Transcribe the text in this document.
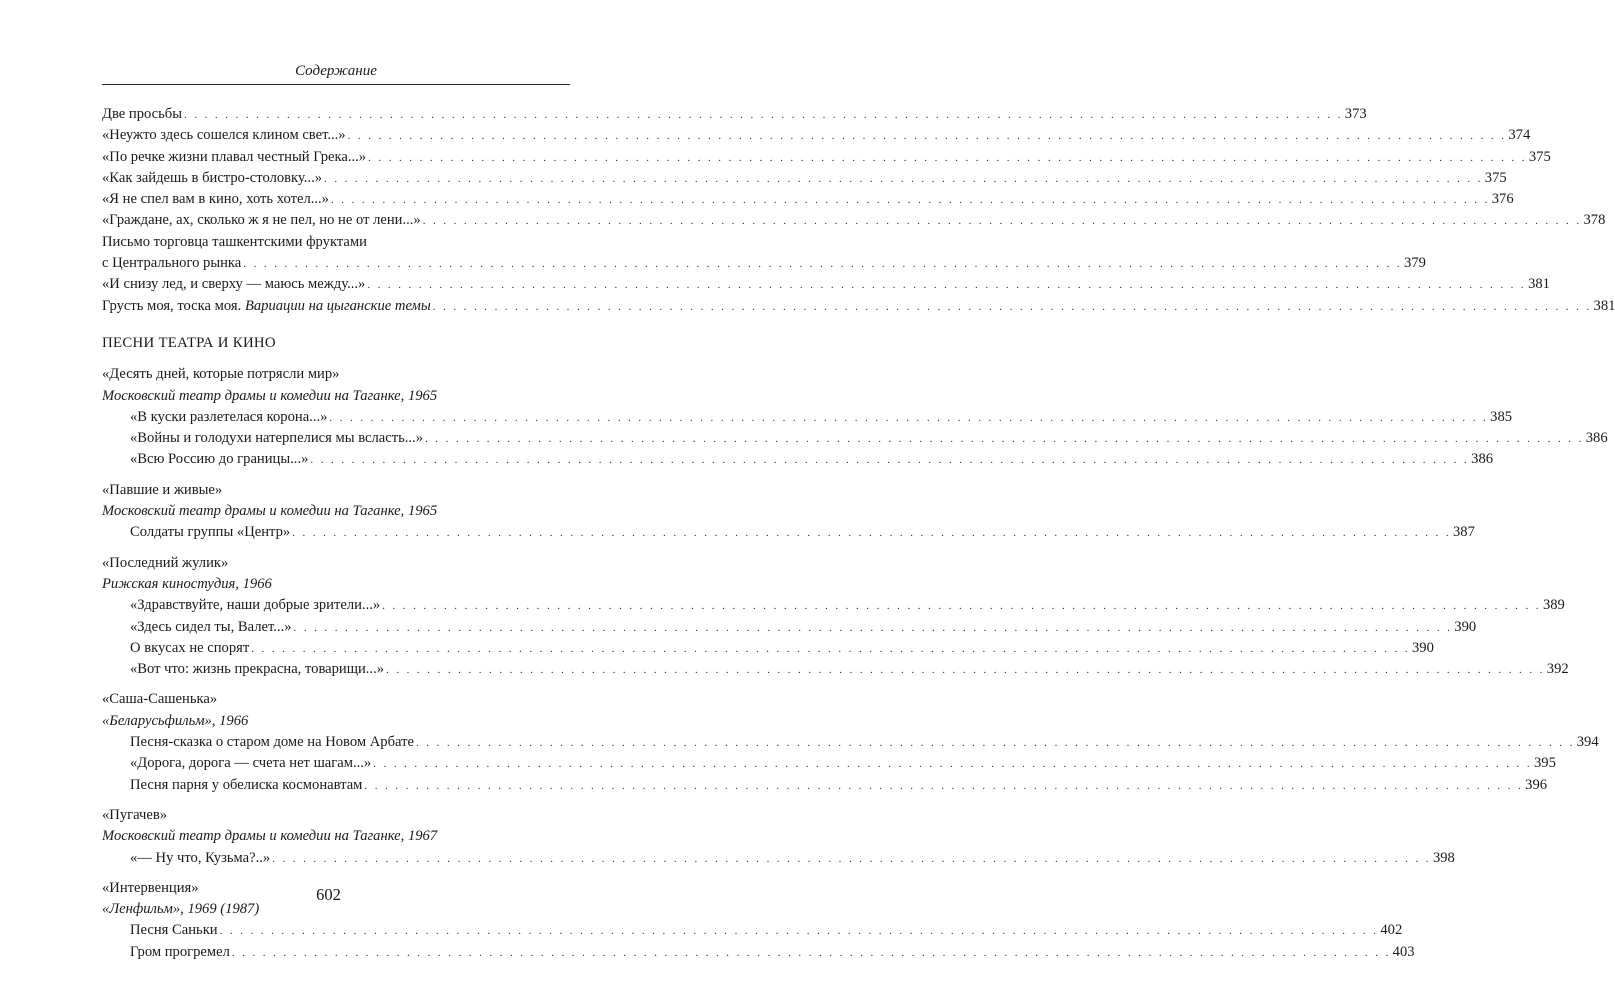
Содержание
Две просьбы . . .	373
«Неужто здесь сошелся клином свет...» . . .	374
«По речке жизни плавал честный Грека...» . . .	375
«Как зайдешь в бистро-столовку...» . . .	375
«Я не спел вам в кино, хоть хотел...» . . .	376
«Граждане, ах, сколько ж я не пел, но не от лени...» . . .	378
Письмо торговца ташкентскими фруктами
с Центрального рынка . . .	379
«И снизу лед, и сверху — маюсь между...» . . .	381
Грусть моя, тоска моя. Вариации на цыганские темы . . .	381
ПЕСНИ ТЕАТРА И КИНО
«Десять дней, которые потрясли мир»
Московский театр драмы и комедии на Таганке, 1965
«В куски разлетелася корона...» . . .	385
«Войны и голодухи натерпелися мы всласть...» . . .	386
«Всю Россию до границы...» . . .	386
«Павшие и живые»
Московский театр драмы и комедии на Таганке, 1965
Солдаты группы «Центр» . . .	387
«Последний жулик»
Рижская киностудия, 1966
«Здравствуйте, наши добрые зрители...» . . .	389
«Здесь сидел ты, Валет...» . . .	390
О вкусах не спорят . . .	390
«Вот что: жизнь прекрасна, товарищи...» . . .	392
«Саша-Сашенька»
«Беларусьфильм», 1966
Песня-сказка о старом доме на Новом Арбате . . .	394
«Дорога, дорога — счета нет шагам...» . . .	395
Песня парня у обелиска космонавтам . . .	396
«Пугачев»
Московский театр драмы и комедии на Таганке, 1967
«— Ну что, Кузьма?..» . . .	398
«Интервенция»
«Ленфильм», 1969 (1987)
Песня Саньки . . .	402
Гром прогремел . . .	403
602
